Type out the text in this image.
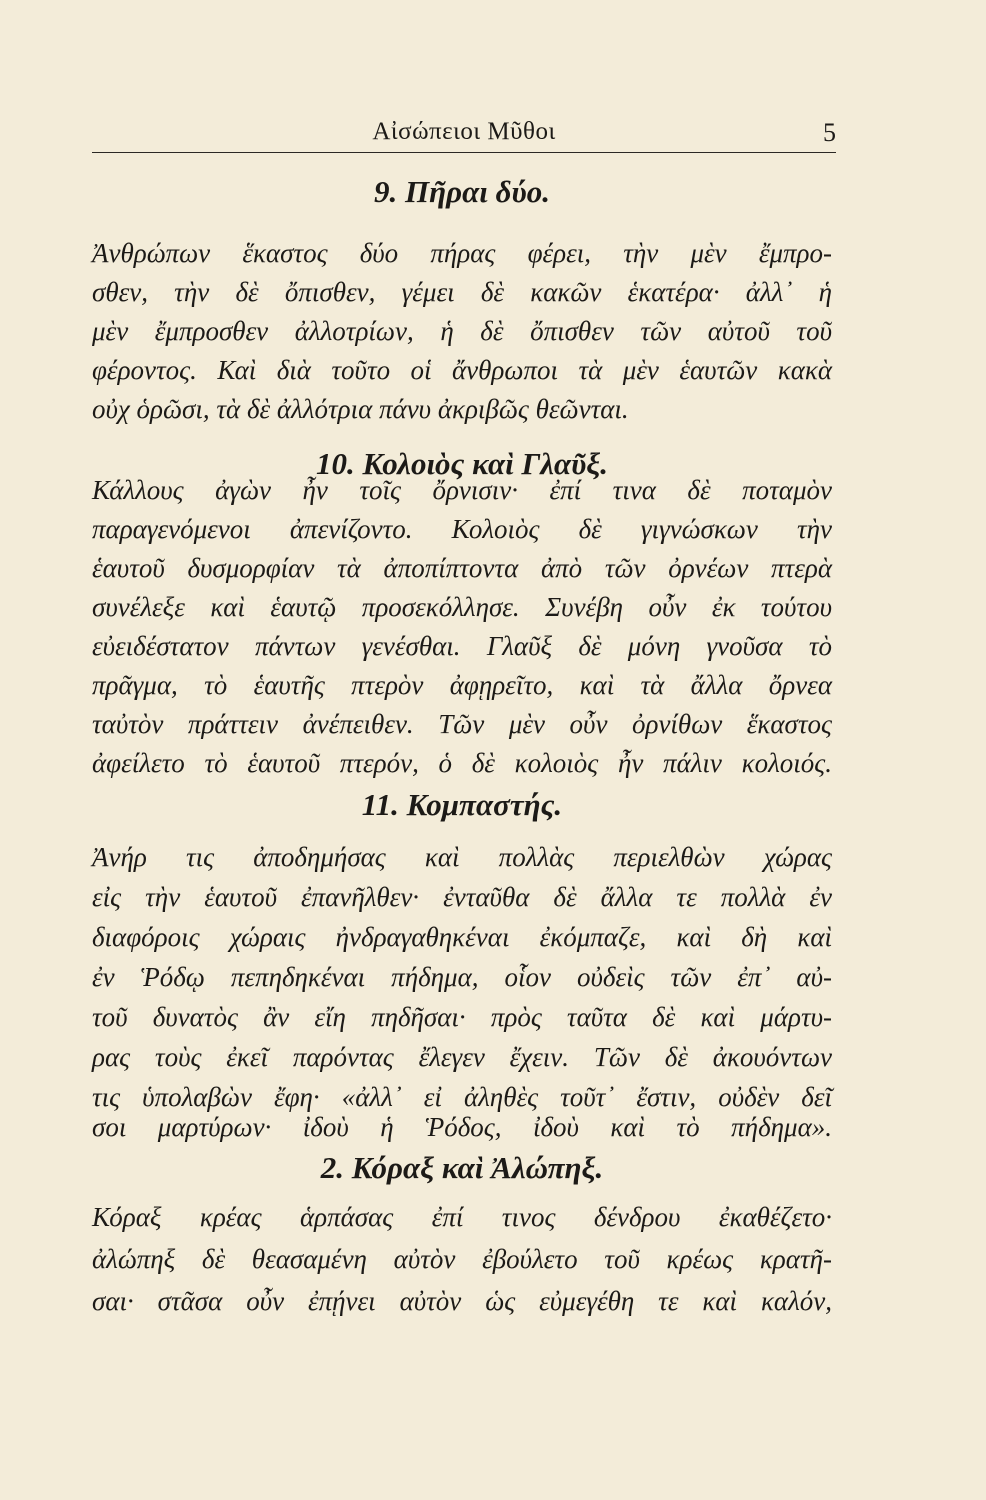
Αἰσώπειοι Μῦθοι	5
9. Πῆραι δύο.
Ἀνθρώπων ἕκαστος δύο πήρας φέρει, τὴν μὲν ἔμπρο-
σθεν, τὴν δὲ ὄπισθεν, γέμει δὲ κακῶν ἑκατέρα· ἀλλ᾽ ἡ
μὲν ἔμπροσθεν ἀλλοτρίων, ἡ δὲ ὄπισθεν τῶν αὐτοῦ τοῦ
φέροντος. Καὶ διὰ τοῦτο οἱ ἄνθρωποι τὰ μὲν ἑαυτῶν κακὰ
οὐχ ὁρῶσι, τὰ δὲ ἀλλότρια πάνυ ἀκριβῶς θεῶνται.
10. Κολοιὸς καὶ Γλαῦξ.
Κάλλους ἀγὼν ἦν τοῖς ὄρνισιν· ἐπί τινα δὲ ποταμὸν
παραγενόμενοι ἀπενίζοντο. Κολοιὸς δὲ γιγνώσκων τὴν
ἑαυτοῦ δυσμορφίαν τὰ ἀποπίπτοντα ἀπὸ τῶν ὀρνέων πτερὰ
συνέλεξε καὶ ἑαυτῷ προσεκόλλησε. Συνέβη οὖν ἐκ τούτου
εὐειδέστατον πάντων γενέσθαι. Γλαῦξ δὲ μόνη γνοῦσα τὸ
πρᾶγμα, τὸ ἑαυτῆς πτερὸν ἀφῃρεῖτο, καὶ τὰ ἄλλα ὄρνεα
ταὐτὸν πράττειν ἀνέπειθεν. Τῶν μὲν οὖν ὀρνίθων ἕκαστος
ἀφείλετο τὸ ἑαυτοῦ πτερόν, ὁ δὲ κολοιὸς ἦν πάλιν κολοιός.
11. Κομπαστής.
Ἀνήρ τις ἀποδημήσας καὶ πολλὰς περιελθὼν χώρας
εἰς τὴν ἑαυτοῦ ἐπανῆλθεν· ἐνταῦθα δὲ ἄλλα τε πολλὰ ἐν
διαφόροις χώραις ἠνδραγαθηκέναι ἐκόμπαζε, καὶ δὴ καὶ
ἐν Ῥόδῳ πεπηδηκέναι πήδημα, οἷον οὐδεὶς τῶν ἐπ᾽ αὐ-
τοῦ δυνατὸς ἂν εἴη πηδῆσαι· πρὸς ταῦτα δὲ καὶ μάρτυ-
ρας τοὺς ἐκεῖ παρόντας ἔλεγεν ἔχειν. Τῶν δὲ ἀκουόντων
τις ὑπολαβὼν ἔφη· «ἀλλ᾽ εἰ ἀληθὲς τοῦτ᾽ ἔστιν, οὐδὲν δεῖ
σοι μαρτύρων· ἰδοὺ ἡ Ῥόδος, ἰδοὺ καὶ τὸ πήδημα».
2. Κόραξ καὶ Ἀλώπηξ.
Κόραξ κρέας ἁρπάσας ἐπί τινος δένδρου ἐκαθέζετο·
ἀλώπηξ δὲ θεασαμένη αὐτὸν ἐβούλετο τοῦ κρέως κρατῆ-
σαι· στᾶσα οὖν ἐπῄνει αὐτὸν ὡς εὐμεγέθη τε καὶ καλόν,
